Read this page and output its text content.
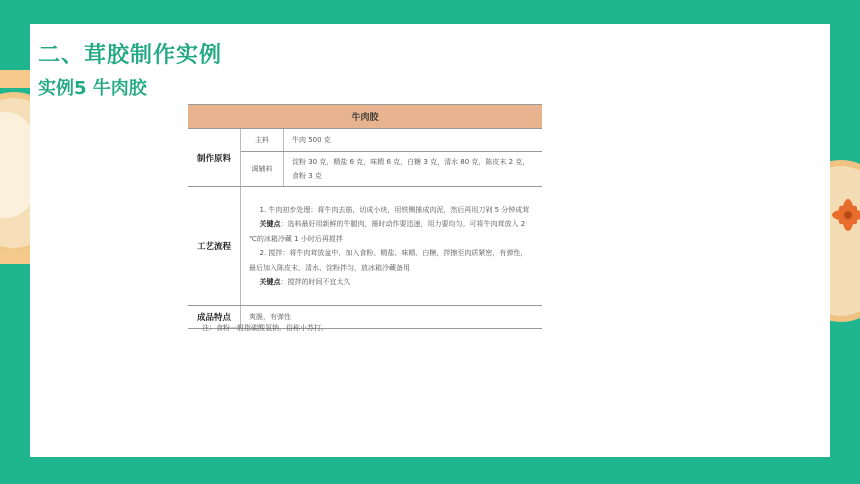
二、茸胶制作实例
实例5 牛肉胶
牛肉胶		
制作原料	主料	牛肉 500 克
	调辅料	淀粉 30 克，精盐 6 克，味精 6 克，白糖 3 克，清水 80 克，陈皮末 2 克，食粉 3 克
工艺流程	1. 牛肉初步处理：将牛肉去筋，切成小块，用铁铡捶成肉泥，然后再用刀剁 5 分钟成茸

关键点：选料最好用新鲜的牛腿肉，捶时动作要迅速，用力要均匀。可将牛肉茸放入 2 ℃的冰箱冷藏 1 小时后再搅拌

2. 搅拌：将牛肉茸放盆中，加入食粉、精盐、味精、白糖，拌擦至肉质紧密，有弹性，最后加入陈皮末、清水、淀粉拌匀，放冰箱冷藏备用

关键点：搅拌的时间不宜太久	

成品特点	爽脆，有弹性	

注：食粉一般指碳酸氢钠，俗称小苏打。
